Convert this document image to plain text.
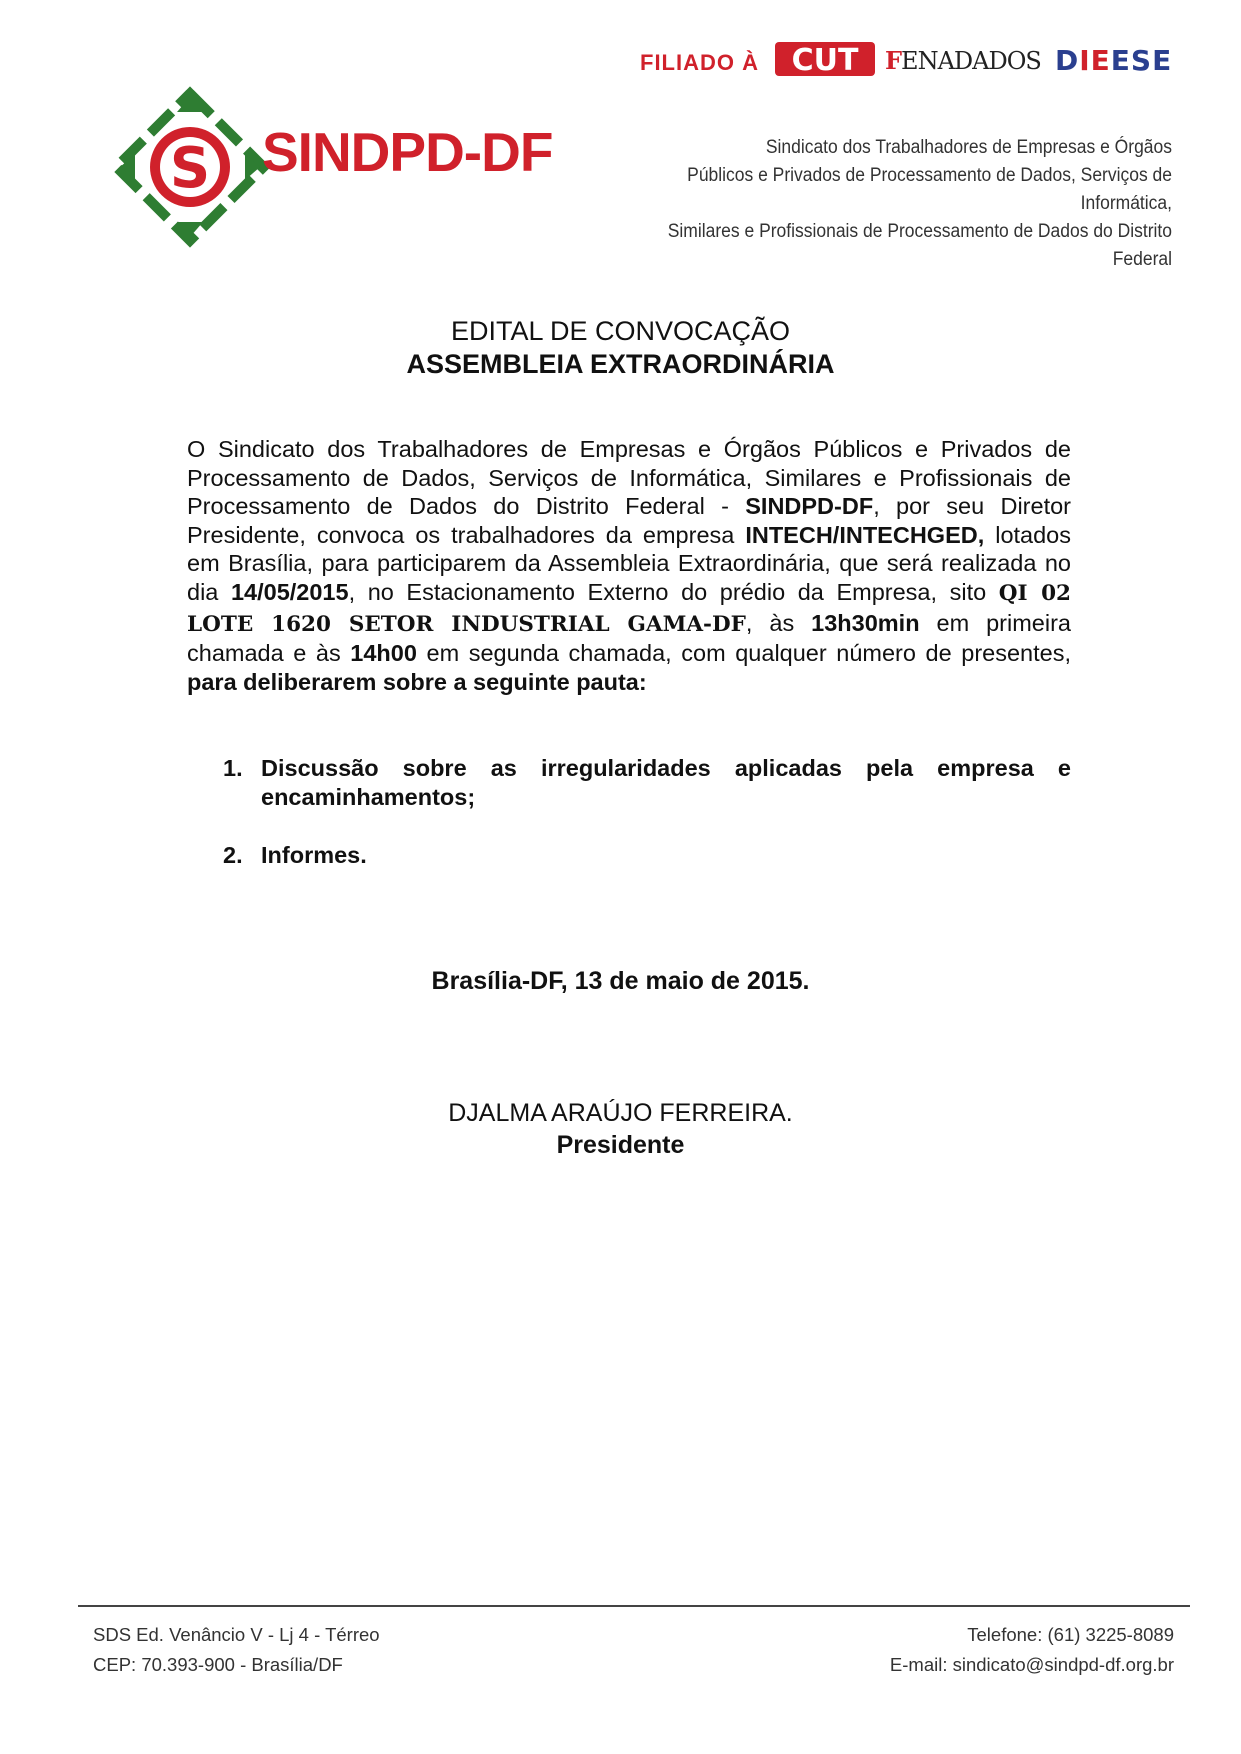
FILIADO À CUT FENADADOS DIEESE
S SINDPD-DF	Sindicato dos Trabalhadores de Empresas e Órgãos
Públicos e Privados de Processamento de Dados, Serviços de Informática,
Similares e Profissionais de Processamento de Dados do Distrito Federal
EDITAL DE CONVOCAÇÃO
ASSEMBLEIA EXTRAORDINÁRIA
O Sindicato dos Trabalhadores de Empresas e Órgãos Públicos e Privados de Processamento de Dados, Serviços de Informática, Similares e Profissionais de Processamento de Dados do Distrito Federal - SINDPD-DF, por seu Diretor Presidente, convoca os trabalhadores da empresa INTECH/INTECHGED, lotados em Brasília, para participarem da Assembleia Extraordinária, que será realizada no dia 14/05/2015, no Estacionamento Externo do prédio da Empresa, sito QI 02 LOTE 1620 SETOR INDUSTRIAL GAMA-DF, às 13h30min em primeira chamada e às 14h00 em segunda chamada, com qualquer número de presentes, para deliberarem sobre a seguinte pauta:
1. Discussão sobre as irregularidades aplicadas pela empresa e encaminhamentos;
2. Informes.
Brasília-DF, 13 de maio de 2015.
DJALMA ARAÚJO FERREIRA.
Presidente
SDS Ed. Venâncio V - Lj 4 - Térreo
CEP: 70.393-900 - Brasília/DF
Telefone: (61) 3225-8089
E-mail: sindicato@sindpd-df.org.br
